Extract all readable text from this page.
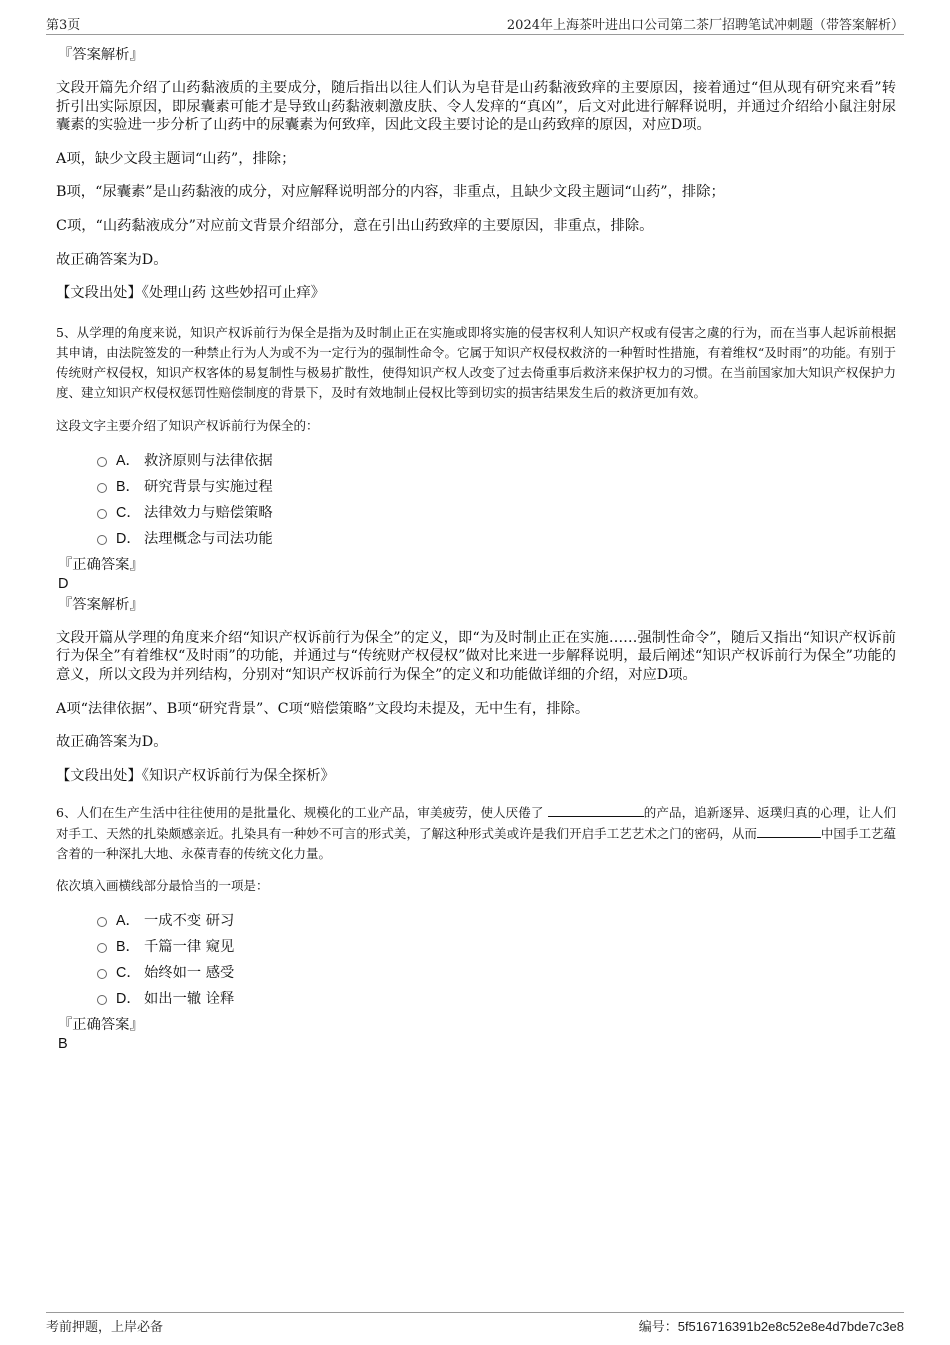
第3页	2024年上海茶叶进出口公司第二茶厂招聘笔试冲刺题（带答案解析）

『答案解析』

文段开篇先介绍了山药黏液质的主要成分，随后指出以往人们认为皂苷是山药黏液致痒的主要原因，接着通过“但从现有研究来看”转折引出实际原因，即尿囊素可能才是导致山药黏液刺激皮肤、令人发痒的“真凶”，后文对此进行解释说明，并通过介绍给小鼠注射尿囊素的实验进一步分析了山药中的尿囊素为何致痒，因此文段主要讨论的是山药致痒的原因，对应D项。

A项，缺少文段主题词“山药”，排除；

B项，“尿囊素”是山药黏液的成分，对应解释说明部分的内容，非重点，且缺少文段主题词“山药”，排除；

C项，“山药黏液成分”对应前文背景介绍部分，意在引出山药致痒的主要原因，非重点，排除。

故正确答案为D。

【文段出处】《处理山药 这些妙招可止痒》

5、从学理的角度来说，知识产权诉前行为保全是指为及时制止正在实施或即将实施的侵害权利人知识产权或有侵害之虞的行为，而在当事人起诉前根据其申请，由法院签发的一种禁止行为人为或不为一定行为的强制性命令。它属于知识产权侵权救济的一种暂时性措施，有着维权“及时雨”的功能。有别于传统财产权侵权，知识产权客体的易复制性与极易扩散性，使得知识产权人改变了过去倚重事后救济来保护权力的习惯。在当前国家加大知识产权保护力度、建立知识产权侵权惩罚性赔偿制度的背景下，及时有效地制止侵权比等到切实的损害结果发生后的救济更加有效。

这段文字主要介绍了知识产权诉前行为保全的：

A． 救济原则与法律依据
B． 研究背景与实施过程
C． 法律效力与赔偿策略
D． 法理概念与司法功能

『正确答案』

D

『答案解析』

文段开篇从学理的角度来介绍“知识产权诉前行为保全”的定义，即“为及时制止正在实施……强制性命令”，随后又指出“知识产权诉前行为保全”有着维权“及时雨”的功能，并通过与“传统财产权侵权”做对比来进一步解释说明，最后阐述“知识产权诉前行为保全”功能的意义，所以文段为并列结构，分别对“知识产权诉前行为保全”的定义和功能做详细的介绍，对应D项。

A项“法律依据”、B项“研究背景”、C项“赔偿策略”文段均未提及，无中生有，排除。

故正确答案为D。

【文段出处】《知识产权诉前行为保全探析》

6、人们在生产生活中往往使用的是批量化、规模化的工业产品，审美疲劳，使人厌倦了	的产品，追新逐异、返璞归真的心理，让人们对手工、天然的扎染颇感亲近。扎染具有一种妙不可言的形式美，了解这种形式美或许是我们开启手工艺艺术之门的密码，从而	中国手工艺蕴含着的一种深扎大地、永葆青春的传统文化力量。

依次填入画横线部分最恰当的一项是：

A． 一成不变 研习
B． 千篇一律 窥见
C． 始终如一 感受
D． 如出一辙 诠释

『正确答案』

B

考前押题，上岸必备	编号：5f516716391b2e8c52e8e4d7bde7c3e8
